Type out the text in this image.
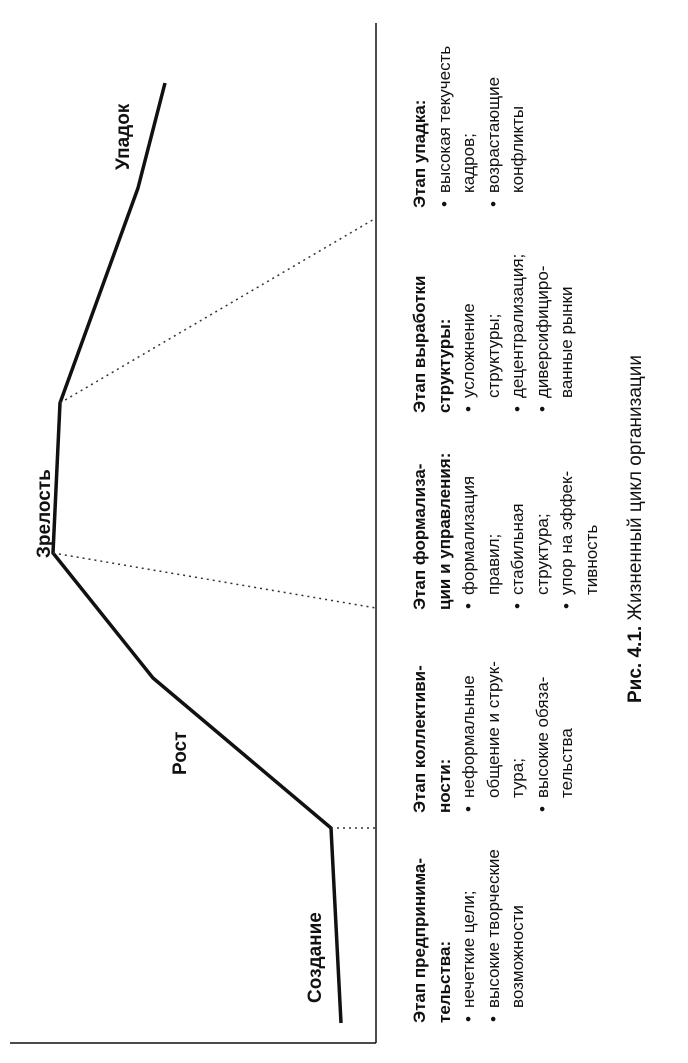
Создание
Рост
Зрелость
Упадок
Этап предпринима- тельства: • нечеткие цели; • высокие творческие возможности
Этап коллективи- ности: • неформальные общение и струк- тура; • высокие обяза- тельства
Этап формализа- ции и управления: • формализация правил; • стабильная структура; • упор на эффек- тивность
Этап выработки структуры: • усложнение структуры; • децентрализация; • диверсифициро- ванные рынки
Этап упадка: • высокая текучесть кадров; • возрастающие конфликты
Рис. 4.1. Жизненный цикл организации
